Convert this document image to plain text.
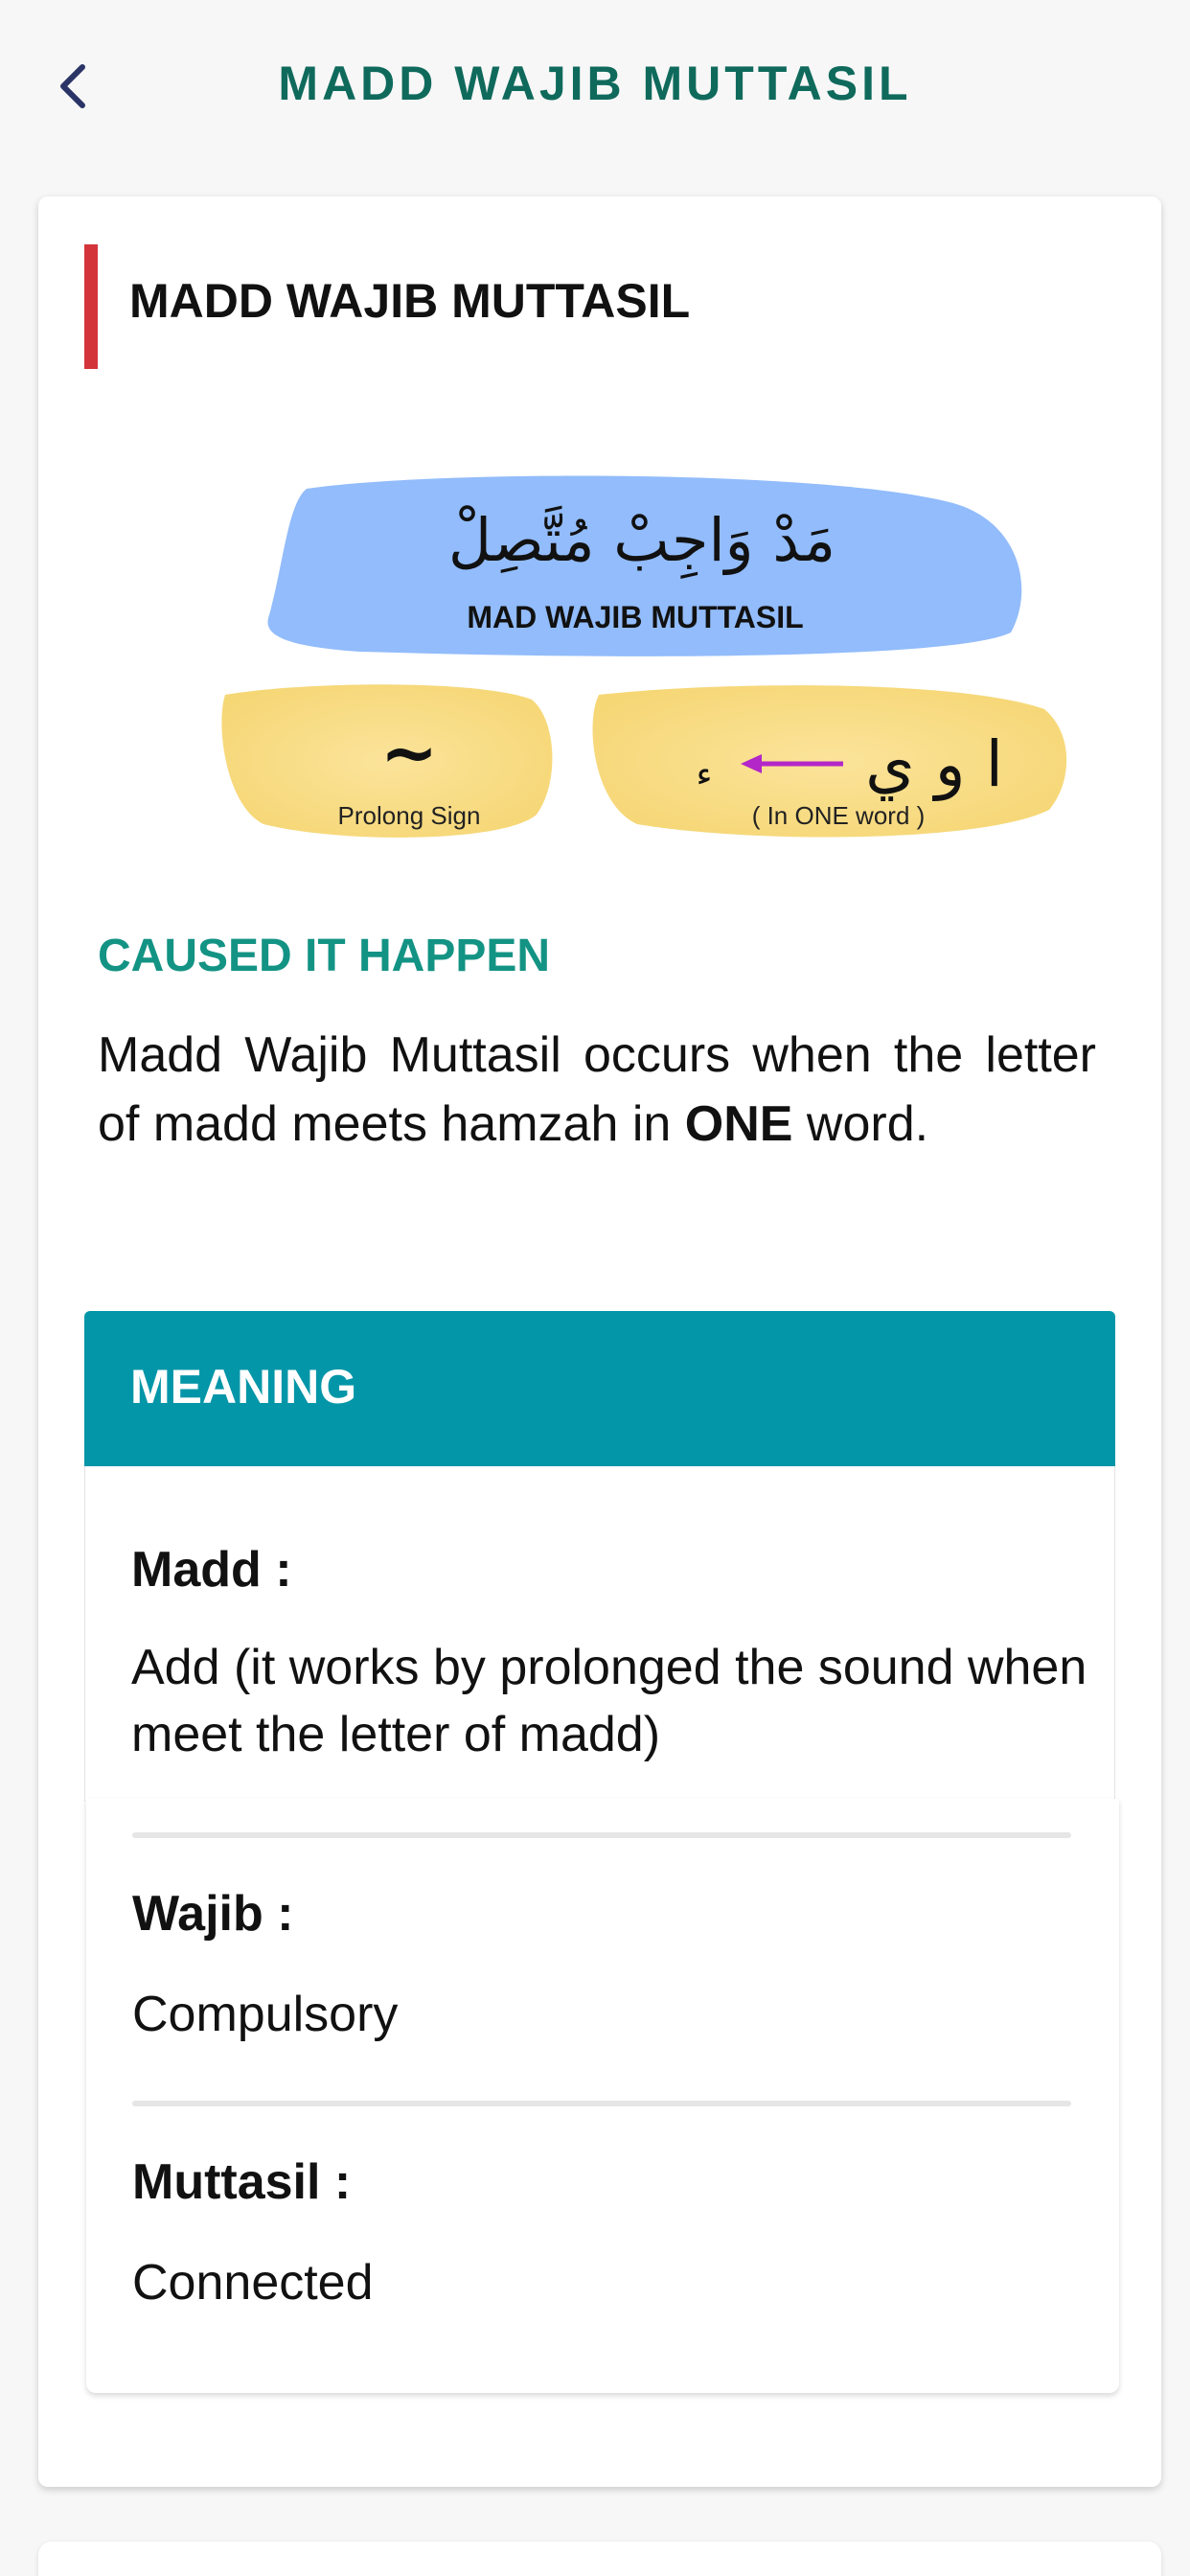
MADD WAJIB MUTTASIL
MADD WAJIB MUTTASIL
مَدْ وَاجِبْ مُتَّصِلْ
MAD WAJIB MUTTASIL
~
Prolong Sign
ء ا و ي
( In ONE word )
CAUSED IT HAPPEN
Madd Wajib Muttasil occurs when the letter of madd meets hamzah in ONE word.
MEANING
Madd :
Add (it works by prolonged the sound when meet the letter of madd)
Wajib :
Compulsory
Muttasil :
Connected
